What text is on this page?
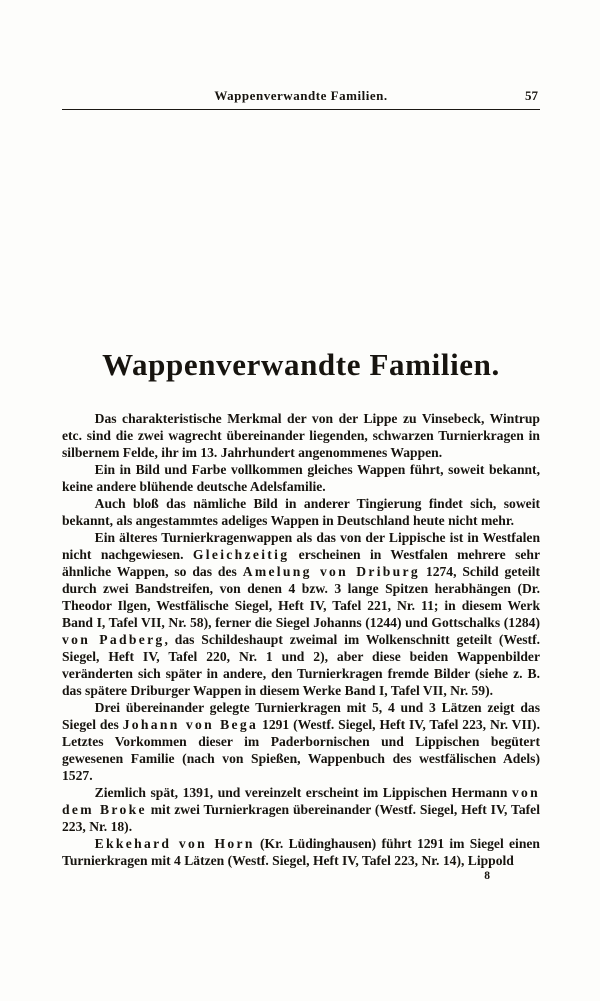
Wappenverwandte Familien.	57
Wappenverwandte Familien.

Das charakteristische Merkmal der von der Lippe zu Vinsebeck, Wintrup etc. sind die zwei wagrecht übereinander liegenden, schwarzen Turnierkragen in silbernem Felde, ihr im 13. Jahrhundert angenommenes Wappen.

Ein in Bild und Farbe vollkommen gleiches Wappen führt, soweit bekannt, keine andere blühende deutsche Adelsfamilie.

Auch bloß das nämliche Bild in anderer Tingierung findet sich, soweit bekannt, als angestammtes adeliges Wappen in Deutschland heute nicht mehr.

Ein älteres Turnierkragenwappen als das von der Lippische ist in Westfalen nicht nachgewiesen. Gleichzeitig erscheinen in Westfalen mehrere sehr ähnliche Wappen, so das des Amelung von Driburg 1274, Schild geteilt durch zwei Bandstreifen, von denen 4 bzw. 3 lange Spitzen herabhängen (Dr. Theodor Ilgen, Westfälische Siegel, Heft IV, Tafel 221, Nr. 11; in diesem Werk Band I, Tafel VII, Nr. 58), ferner die Siegel Johanns (1244) und Gottschalks (1284) von Padberg, das Schildeshaupt zweimal im Wolkenschnitt geteilt (Westf. Siegel, Heft IV, Tafel 220, Nr. 1 und 2), aber diese beiden Wappenbilder veränderten sich später in andere, den Turnierkragen fremde Bilder (siehe z. B. das spätere Driburger Wappen in diesem Werke Band I, Tafel VII, Nr. 59).

Drei übereinander gelegte Turnierkragen mit 5, 4 und 3 Lätzen zeigt das Siegel des Johann von Bega 1291 (Westf. Siegel, Heft IV, Tafel 223, Nr. VII). Letztes Vorkommen dieser im Paderbornischen und Lippischen begütert gewesenen Familie (nach von Spießen, Wappenbuch des westfälischen Adels) 1527.

Ziemlich spät, 1391, und vereinzelt erscheint im Lippischen Hermann von dem Broke mit zwei Turnierkragen übereinander (Westf. Siegel, Heft IV, Tafel 223, Nr. 18).

Ekkehard von Horn (Kr. Lüdinghausen) führt 1291 im Siegel einen Turnierkragen mit 4 Lätzen (Westf. Siegel, Heft IV, Tafel 223, Nr. 14), Lippold

8
